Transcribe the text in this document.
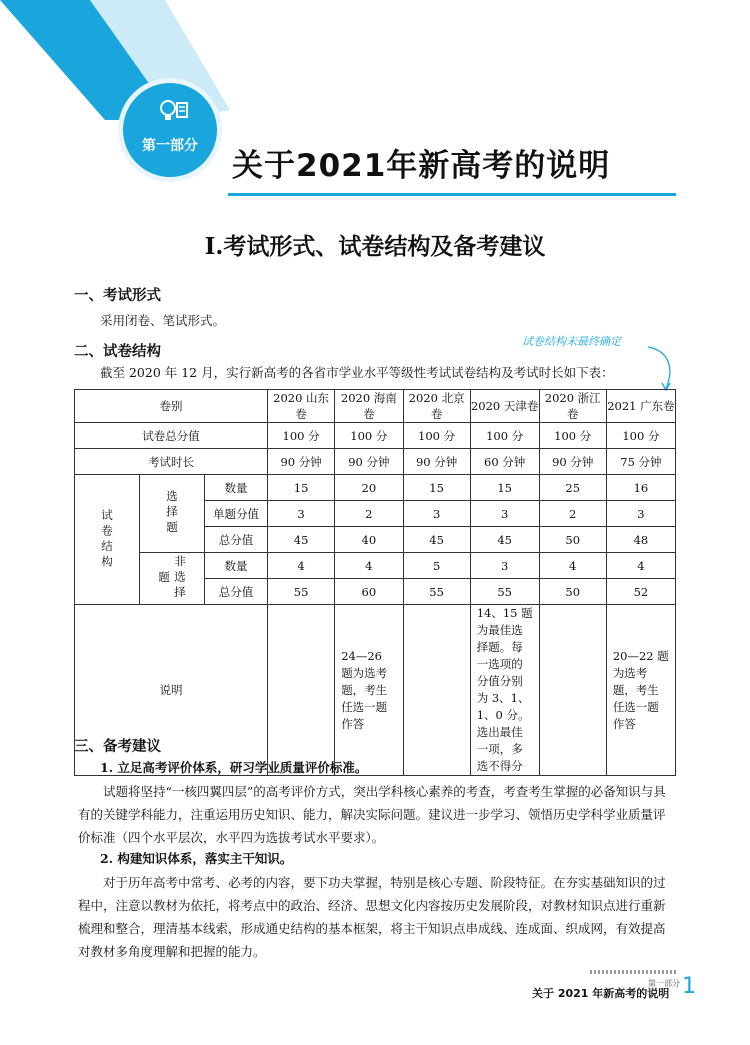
第一部分
关于2021年新高考的说明
I.考试形式、试卷结构及备考建议
一、考试形式
采用闭卷、笔试形式。
二、试卷结构
试卷结构未最终确定
截至 2020 年 12 月，实行新高考的各省市学业水平等级性考试试卷结构及考试时长如下表：
卷别			2020 山东卷	2020 海南卷	2020 北京卷	2020 天津卷	2020 浙江卷	2021 广东卷
试卷总分值			100 分	100 分	100 分	100 分	100 分	100 分
考试时长			90 分钟	90 分钟	90 分钟	60 分钟	90 分钟	75 分钟
试卷结构	选择题	数量	15	20	15	15	25	16
		单题分值	3	2	3	3	2	3
		总分值	45	40	45	45	50	48
	非选择题	数量	4	4	5	3	4	4
		总分值	55	60	55	55	50	52
说明				24—26 题为选考题，考生任选一题作答		14、15 题为最佳选择题。每一选项的分值分别为 3、1、1、0 分。选出最佳一项，多选不得分		20—22 题为选考题，考生任选一题作答
三、备考建议
1. 立足高考评价体系，研习学业质量评价标准。
试题将坚持“一核四翼四层”的高考评价方式，突出学科核心素养的考查，考查考生掌握的必备知识与具有的关键学科能力，注重运用历史知识、能力，解决实际问题。建议进一步学习、领悟历史学科学业质量评价标准（四个水平层次，水平四为选拔考试水平要求）。
2. 构建知识体系，落实主干知识。
对于历年高考中常考、必考的内容，要下功夫掌握，特别是核心专题、阶段特征。在夯实基础知识的过程中，注意以教材为依托，将考点中的政治、经济、思想文化内容按历史发展阶段，对教材知识点进行重新梳理和整合，理清基本线索，形成通史结构的基本框架，将主干知识点串成线、连成面、织成网，有效提高对教材多角度理解和把握的能力。
第一部分
关于 2021 年新高考的说明 1
